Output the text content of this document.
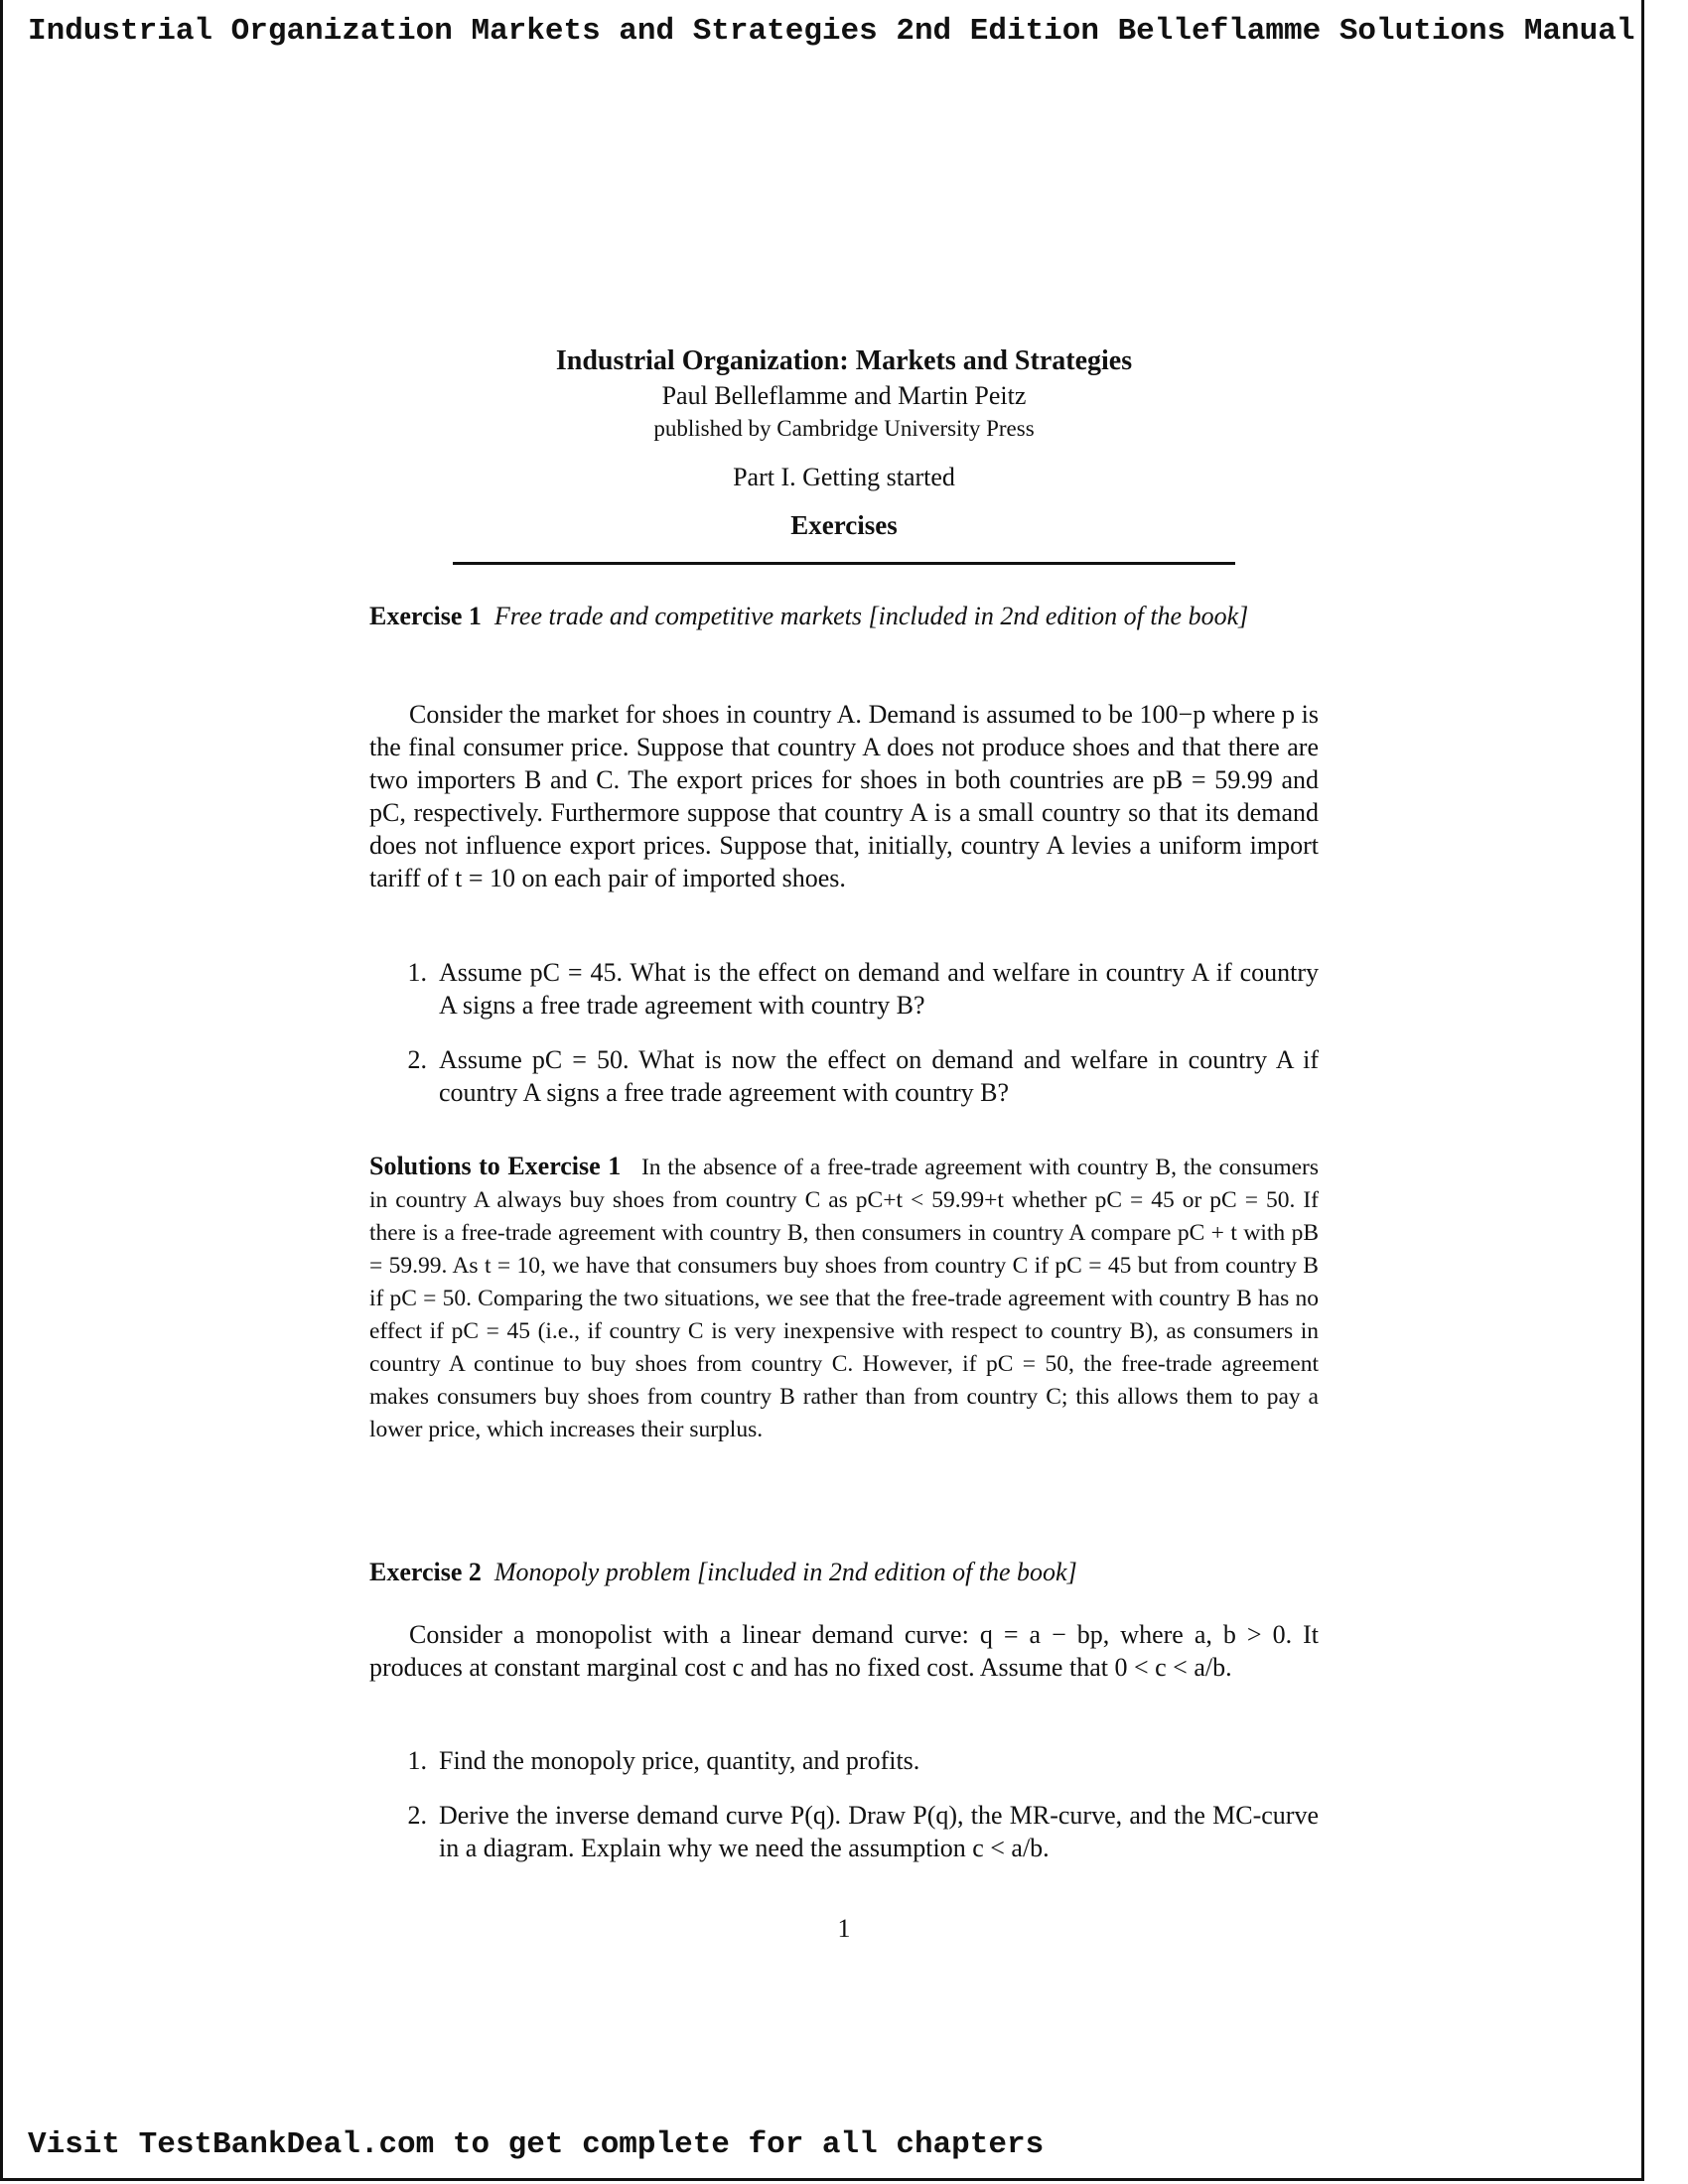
Industrial Organization Markets and Strategies 2nd Edition Belleflamme Solutions Manual
Industrial Organization: Markets and Strategies
Paul Belleflamme and Martin Peitz
published by Cambridge University Press
Part I. Getting started
Exercises
Exercise 1 Free trade and competitive markets [included in 2nd edition of the book]
Consider the market for shoes in country A. Demand is assumed to be 100−p where p is the final consumer price. Suppose that country A does not produce shoes and that there are two importers B and C. The export prices for shoes in both countries are pB = 59.99 and pC, respectively. Furthermore suppose that country A is a small country so that its demand does not influence export prices. Suppose that, initially, country A levies a uniform import tariff of t = 10 on each pair of imported shoes.
1. Assume pC = 45. What is the effect on demand and welfare in country A if country A signs a free trade agreement with country B?
2. Assume pC = 50. What is now the effect on demand and welfare in country A if country A signs a free trade agreement with country B?
Solutions to Exercise 1 In the absence of a free-trade agreement with country B, the consumers in country A always buy shoes from country C as pC+t < 59.99+t whether pC = 45 or pC = 50. If there is a free-trade agreement with country B, then consumers in country A compare pC + t with pB = 59.99. As t = 10, we have that consumers buy shoes from country C if pC = 45 but from country B if pC = 50. Comparing the two situations, we see that the free-trade agreement with country B has no effect if pC = 45 (i.e., if country C is very inexpensive with respect to country B), as consumers in country A continue to buy shoes from country C. However, if pC = 50, the free-trade agreement makes consumers buy shoes from country B rather than from country C; this allows them to pay a lower price, which increases their surplus.
Exercise 2 Monopoly problem [included in 2nd edition of the book]
Consider a monopolist with a linear demand curve: q = a − bp, where a, b > 0. It produces at constant marginal cost c and has no fixed cost. Assume that 0 < c < a/b.
1. Find the monopoly price, quantity, and profits.
2. Derive the inverse demand curve P(q). Draw P(q), the MR-curve, and the MC-curve in a diagram. Explain why we need the assumption c < a/b.
1
Visit TestBankDeal.com to get complete for all chapters
